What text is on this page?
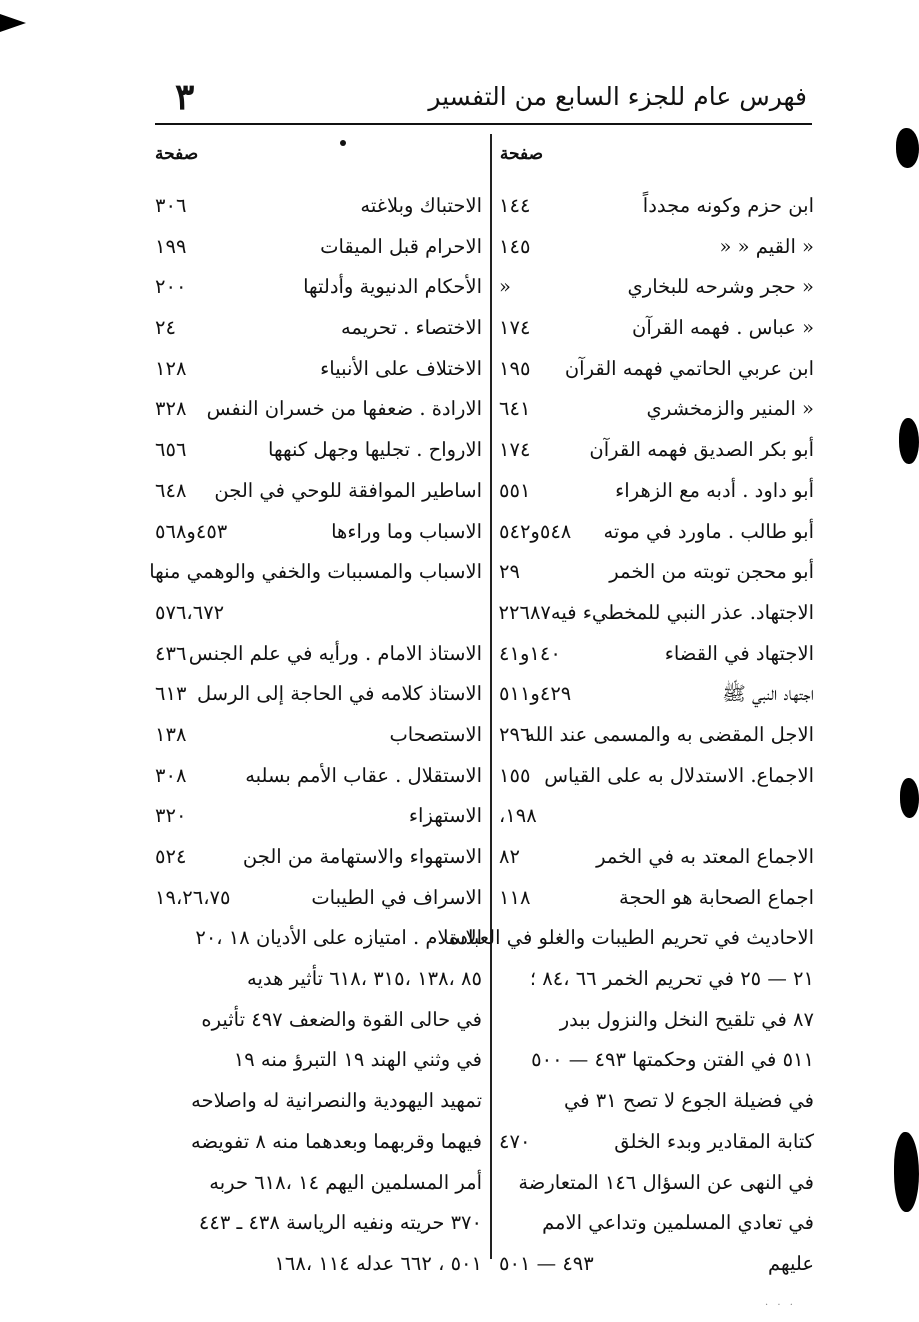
فهرس عام للجزء السابع من التفسير
٣
صفحة
صفحة
ابن حزم وكونه مجدداً
١٤٤
« القيم « «
١٤٥
« حجر وشرحه للبخاري
«
« عباس . فهمه القرآن
١٧٤
ابن عربي الحاتمي فهمه القرآن
١٩٥
« المنير والزمخشري
٦٤١
أبو بكر الصديق فهمه القرآن
١٧٤
أبو داود . أدبه مع الزهراء
٥٥١
أبو طالب . ماورد في موته
٥٤٨و٥٤٢
أبو محجن توبته من الخمر
٢٩
الاجتهاد. عذر النبي للمخطيء فيه٢٢٦٨٧
الاجتهاد في القضاء
١٤٠و٤١
اجتهاد النبي ﷺ
٤٢٩و٥١١
الاجل المقضى به والمسمى عند الله
٢٩٦
الاجماع. الاستدلال به على القياس
١٥٥
١٩٨،
الاجماع المعتد به في الخمر
٨٢
اجماع الصحابة هو الحجة
١١٨
الاحاديث في تحريم الطيبات والغلو في العبادة
٢١ — ٢٥ في تحريم الخمر ٦٦ ،٨٤ ؛
٨٧ في تلقيح النخل والنزول ببدر
٥١١ في الفتن وحكمتها ٤٩٣ — ٥٠٠
في فضيلة الجوع لا تصح ٣١ في
كتابة المقادير وبدء الخلق
٤٧٠
في النهى عن السؤال ١٤٦ المتعارضة
في تعادي المسلمين وتداعي الامم
عليهم
٤٩٣ — ٥٠١
الاحتباك وبلاغته
٣٠٦
الاحرام قبل الميقات
١٩٩
الأحكام الدنيوية وأدلتها
٢٠٠
الاختصاء . تحريمه
٢٤
الاختلاف على الأنبياء
١٢٨
الارادة . ضعفها من خسران النفس
٣٢٨
الارواح . تجليها وجهل كنهها
٦٥٦
اساطير الموافقة للوحي في الجن
٦٤٨
الاسباب وما وراءها
٤٥٣و٥٦٨
الاسباب والمسببات والخفي والوهمي منها
٥٧٦،٦٧٢
الاستاذ الامام . ورأيه في علم الجنس
٤٣٦
الاستاذ كلامه في الحاجة إلى الرسل
٦١٣
الاستصحاب
١٣٨
الاستقلال . عقاب الأمم بسلبه
٣٠٨
الاستهزاء
٣٢٠
الاستهواء والاستهامة من الجن
٥٢٤
الاسراف في الطيبات
١٩،٢٦،٧٥
الاسلام . امتيازه على الأديان ١٨ ،٢٠
٨٥ ،١٣٨ ،٣١٥ ،٦١٨ تأثير هديه
في حالى القوة والضعف ٤٩٧ تأثيره
في وثني الهند ١٩ التبرؤ منه ١٩
تمهيد اليهودية والنصرانية له واصلاحه
فيهما وقربهما وبعدهما منه ٨ تفويضه
أمر المسلمين اليهم ١٤ ،٦١٨ حربه
٣٧٠ حريته ونفيه الرياسة ٤٣٨ ـ ٤٤٣
٥٠١ ، ٦٦٢ عدله ١١٤ ،١٦٨
· · ·
